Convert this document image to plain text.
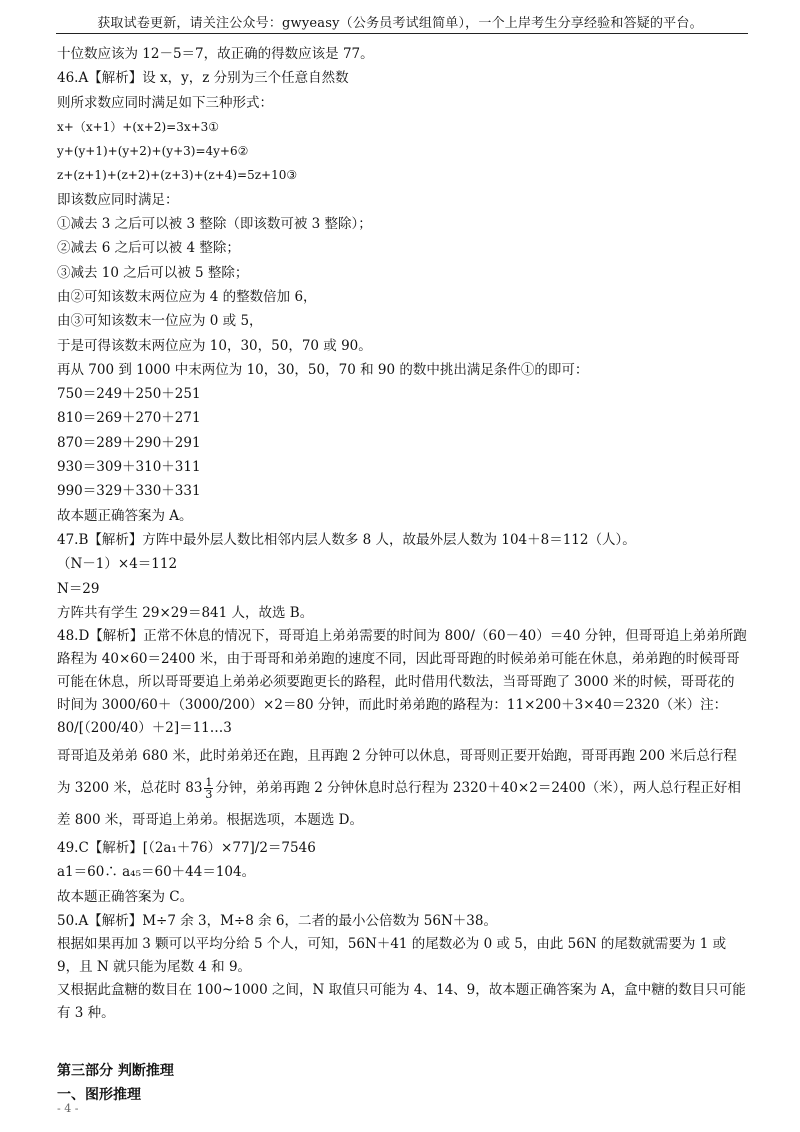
获取试卷更新，请关注公众号：gwyeasy（公务员考试组简单），一个上岸考生分享经验和答疑的平台。
十位数应该为 12－5＝7，故正确的得数应该是 77。
46.A【解析】设 x，y，z 分别为三个任意自然数
则所求数应同时满足如下三种形式：
x+（x+1）+(x+2)=3x+3①
y+(y+1)+(y+2)+(y+3)=4y+6②
z+(z+1)+(z+2)+(z+3)+(z+4)=5z+10③
即该数应同时满足：
①减去 3 之后可以被 3 整除（即该数可被 3 整除）；
②减去 6 之后可以被 4 整除；
③减去 10 之后可以被 5 整除；
由②可知该数末两位应为 4 的整数倍加 6，
由③可知该数末一位应为 0 或 5，
于是可得该数末两位应为 10，30，50，70 或 90。
再从 700 到 1000 中末两位为 10，30，50，70 和 90 的数中挑出满足条件①的即可：
750＝249＋250＋251
810＝269＋270＋271
870＝289＋290＋291
930＝309＋310＋311
990＝329＋330＋331
故本题正确答案为 A。
47.B【解析】方阵中最外层人数比相邻内层人数多 8 人，故最外层人数为 104＋8＝112（人）。
（N－1）×4＝112
N＝29
方阵共有学生 29×29＝841 人，故选 B。
48.D【解析】正常不休息的情况下，哥哥追上弟弟需要的时间为 800/（60－40）＝40 分钟，但哥哥追上弟弟所跑路程为 40×60＝2400 米，由于哥哥和弟弟跑的速度不同，因此哥哥跑的时候弟弟可能在休息，弟弟跑的时候哥哥可能在休息，所以哥哥要追上弟弟必须要跑更长的路程，此时借用代数法，当哥哥跑了 3000 米的时候，哥哥花的时间为 3000/60＋（3000/200）×2＝80 分钟，而此时弟弟跑的路程为：11×200＋3×40＝2320（米）注：80/[（200/40）＋2]＝11…3
哥哥追及弟弟 680 米，此时弟弟还在跑，且再跑 2 分钟可以休息，哥哥则正要开始跑，哥哥再跑 200 米后总行程为 3200 米，总花时 $83 \frac{1}{3}$ 分钟，弟弟再跑 2 分钟休息时总行程为 2320＋40×2＝2400（米），两人总行程正好相差 800 米，哥哥追上弟弟。根据选项，本题选 D。
49.C【解析】[（2a₁＋76）×77]/2＝7546
a1＝60∴ a₄₅＝60＋44＝104。
故本题正确答案为 C。
50.A【解析】M÷7 余 3，M÷8 余 6，二者的最小公倍数为 56N＋38。
根据如果再加 3 颗可以平均分给 5 个人，可知，56N＋41 的尾数必为 0 或 5，由此 56N 的尾数就需要为 1 或 9，且 N 就只能为尾数 4 和 9。
又根据此盒糖的数目在 100~1000 之间，N 取值只可能为 4、14、9，故本题正确答案为 A，盒中糖的数目只可能有 3 种。
第三部分 判断推理
一、图形推理
- 4 -
